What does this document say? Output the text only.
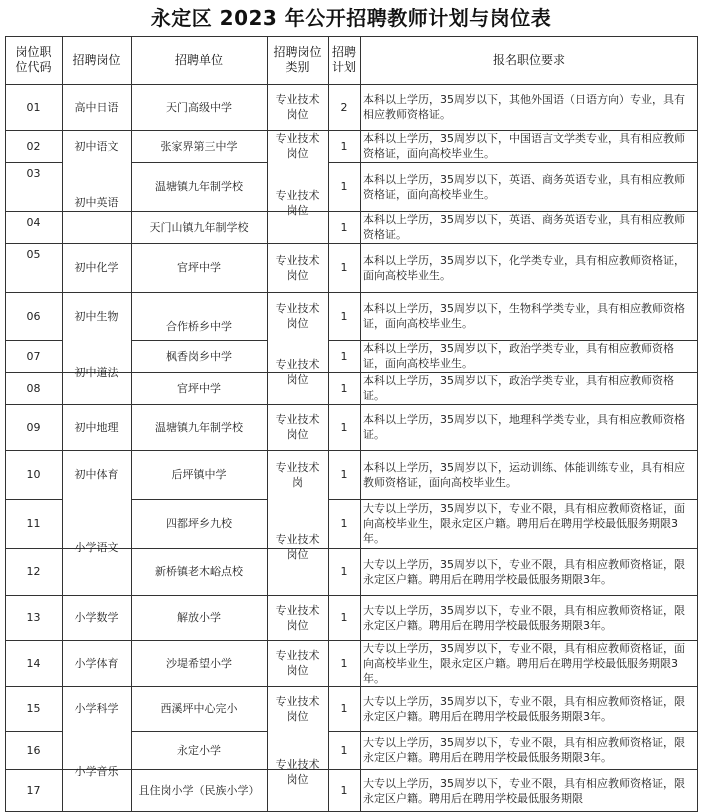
永定区 2023 年公开招聘教师计划与岗位表
岗位职位代码
招聘岗位	招聘单位
招聘岗位类别
招聘计划
报名职位要求
01
02
03
04
05
06
07
08
09
10
11
12
13
14
15
16
17
高中日语
初中语文
初中英语
初中化学
初中生物
初中道法
初中地理
初中体育
小学语文
小学数学
小学体育
小学科学
小学音乐
天门高级中学
张家界第三中学
温塘镇九年制学校
天门山镇九年制学校
官坪中学
合作桥乡中学
枫香岗乡中学
官坪中学
温塘镇九年制学校
后坪镇中学
四都坪乡九校
新桥镇老木峪点校
解放小学
沙堤希望小学
西溪坪中心完小
永定小学
且住岗小学（民族小学）
专业技术岗位
专业技术岗位
专业技术岗位
专业技术岗位
专业技术岗位
专业技术岗位
专业技术岗位
专业技术岗
专业技术岗位
专业技术岗位
专业技术岗位
专业技术岗位
专业技术岗位
2
1
1
1
1
1
1
1
1
1
1
1
1
1
1
1
1
本科以上学历，35周岁以下，其他外国语（日语方向）专业，具有相应教师资格证。
本科以上学历，35周岁以下，中国语言文学类专业，具有相应教师资格证，面向高校毕业生。
本科以上学历，35周岁以下，英语、商务英语专业，具有相应教师资格证，面向高校毕业生。
本科以上学历，35周岁以下，英语、商务英语专业，具有相应教师资格证。
本科以上学历，35周岁以下，化学类专业，具有相应教师资格证，面向高校毕业生。
本科以上学历，35周岁以下，生物科学类专业，具有相应教师资格证，面向高校毕业生。
本科以上学历，35周岁以下，政治学类专业，具有相应教师资格证，面向高校毕业生。
本科以上学历，35周岁以下，政治学类专业，具有相应教师资格证。
本科以上学历，35周岁以下，地理科学类专业，具有相应教师资格证。
本科以上学历，35周岁以下，运动训练、体能训练专业，具有相应教师资格证，面向高校毕业生。
大专以上学历，35周岁以下，专业不限，具有相应教师资格证，面向高校毕业生，限永定区户籍。聘用后在聘用学校最低服务期限3年。
大专以上学历，35周岁以下，专业不限，具有相应教师资格证，限永定区户籍。聘用后在聘用学校最低服务期限3年。
大专以上学历，35周岁以下，专业不限，具有相应教师资格证，限永定区户籍。聘用后在聘用学校最低服务期限3年。
大专以上学历，35周岁以下，专业不限，具有相应教师资格证，面向高校毕业生，限永定区户籍。聘用后在聘用学校最低服务期限3年。
大专以上学历，35周岁以下，专业不限，具有相应教师资格证，限永定区户籍。聘用后在聘用学校最低服务期限3年。
大专以上学历，35周岁以下，专业不限，具有相应教师资格证，限永定区户籍。聘用后在聘用学校最低服务期限3年。
大专以上学历，35周岁以下，专业不限，具有相应教师资格证，限永定区户籍。聘用后在聘用学校最低服务期限
